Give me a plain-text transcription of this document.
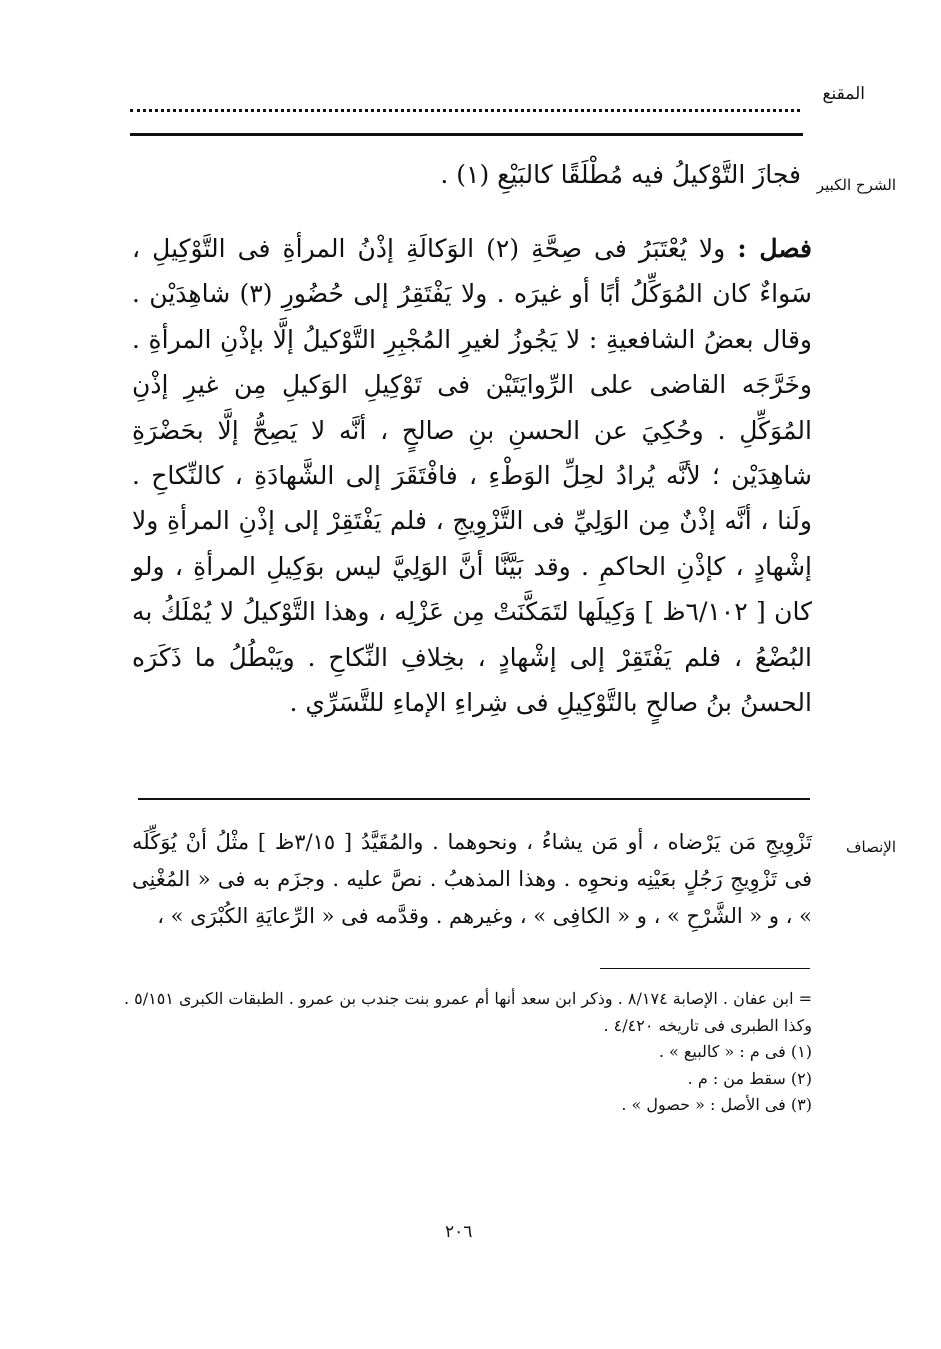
المقنع
الشرح الكبير
فجازَ التَّوْكيلُ فيه مُطْلَقًا كالبَيْعِ (١) .
فصل : ولا يُعْتَبَرُ فى صِحَّةِ (٢) الوَكالَةِ إذْنُ المرأةِ فى التَّوْكِيلِ ، سَواءٌ كان المُوَكِّلُ أبًا أو غيرَه . ولا يَفْتَقِرُ إلى حُضُورِ (٣) شاهِدَيْن . وقال بعضُ الشافعيةِ : لا يَجُوزُ لغيرِ المُجْبِرِ التَّوْكيلُ إلَّا بإذْنِ المرأةِ . وخَرَّجَه القاضى على الرِّوايَتَيْن فى تَوْكِيلِ الوَكيلِ مِن غيرِ إذْنِ المُوَكِّلِ . وحُكِيَ عن الحسنِ بنِ صالحٍ ، أنَّه لا يَصِحُّ إلَّا بحَضْرَةِ شاهِدَيْن ؛ لأنَّه يُرادُ لحِلِّ الوَطْءِ ، فافْتَقَرَ إلى الشَّهادَةِ ، كالنِّكاحِ . ولَنا ، أنَّه إذْنٌ مِن الوَلِيِّ فى التَّزْوِيجِ ، فلم يَفْتَقِرْ إلى إذْنِ المرأةِ ولا إشْهادٍ ، كإذْنِ الحاكمِ . وقد بَيَّنَّا أنَّ الوَلِيَّ ليس بوَكِيلِ المرأةِ ، ولو كان [ ٦/١٠٢ظ ] وَكِيلَها لتَمَكَّنَتْ مِن عَزْلِه ، وهذا التَّوْكيلُ لا يُمْلَكُ به البُضْعُ ، فلم يَفْتَقِرْ إلى إشْهادٍ ، بخِلافِ النِّكاحِ . ويَبْطُلُ ما ذَكَرَه الحسنُ بنُ صالحٍ بالتَّوْكِيلِ فى شِراءِ الإماءِ للتَّسَرِّي .
الإنصاف
تَزْوِيجِ مَن يَرْضاه ، أو مَن يشاءُ ، ونحوهما . والمُقَيَّدُ [ ٣/١٥ظ ] مثْلُ أنْ يُوَكِّلَه فى تَزْوِيجِ رَجُلٍ بعَيْنِه ونحوِه . وهذا المذهبُ . نصَّ عليه . وجزَم به فى « المُغْنِى » ، و « الشَّرْحِ » ، و « الكافِى » ، وغيرهم . وقدَّمه فى « الرِّعايَةِ الكُبْرَى » ،
= ابن عفان . الإصابة ٨/١٧٤ . وذكر ابن سعد أنها أم عمرو بنت جندب بن عمرو . الطبقات الكبرى ٥/١٥١ .
وكذا الطبرى فى تاريخه ٤/٤٢٠ .
(١) فى م : « كالبيع » .
(٢) سقط من : م .
(٣) فى الأصل : « حصول » .
٢٠٦
